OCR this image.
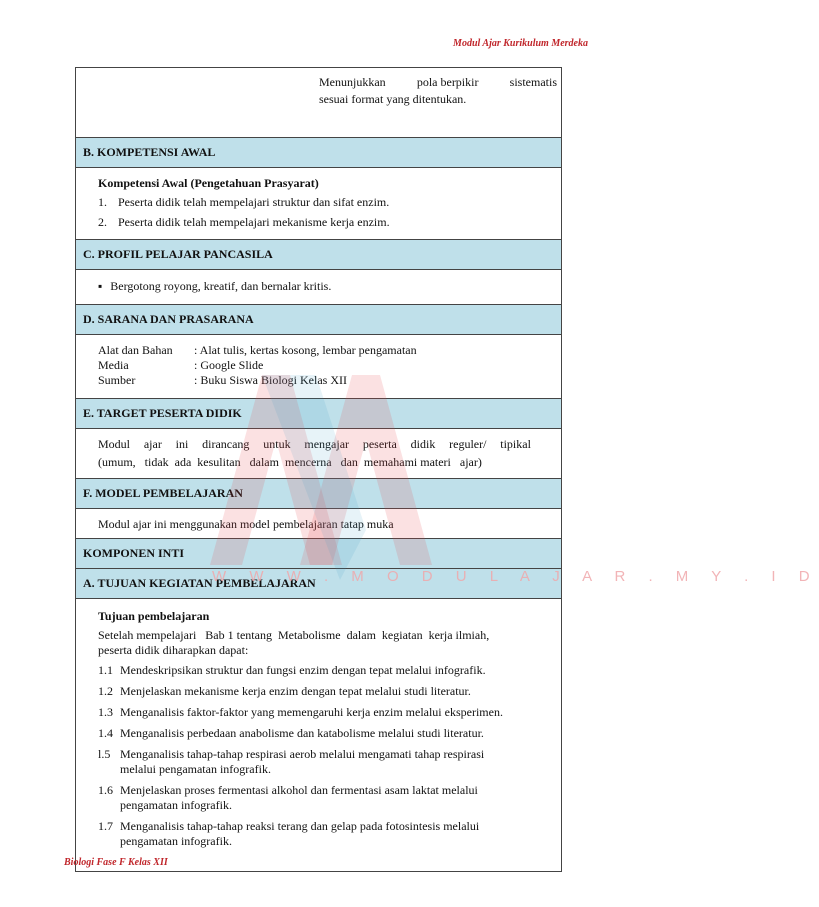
Modul Ajar Kurikulum Merdeka
Menunjukkan	pola berpikir	sistematis
sesuai format yang ditentukan.
B. KOMPETENSI AWAL
Kompetensi Awal (Pengetahuan Prasyarat)
1. Peserta didik telah mempelajari struktur dan sifat enzim.
2. Peserta didik telah mempelajari mekanisme kerja enzim.
C. PROFIL PELAJAR PANCASILA
▪ Bergotong royong, kreatif, dan bernalar kritis.
D. SARANA DAN PRASARANA
Alat dan Bahan	: Alat tulis, kertas kosong, lembar pengamatan
Media	: Google Slide
Sumber	: Buku Siswa Biologi Kelas XII
E. TARGET PESERTA DIDIK
Modul ajar ini dirancang untuk mengajar peserta didik reguler/ tipikal
(umum,   tidak  ada  kesulitan   dalam  mencerna   dan  memahami materi   ajar)
F. MODEL PEMBELAJARAN
Modul ajar ini menggunakan model pembelajaran tatap muka
KOMPONEN INTI
A. TUJUAN KEGIATAN PEMBELAJARAN
Tujuan pembelajaran
Setelah mempelajari   Bab 1 tentang  Metabolisme  dalam  kegiatan  kerja ilmiah,
peserta didik diharapkan dapat:
1.1 Mendeskripsikan struktur dan fungsi enzim dengan tepat melalui infografik.
1.2 Menjelaskan mekanisme kerja enzim dengan tepat melalui studi literatur.
1.3 Menganalisis faktor-faktor yang memengaruhi kerja enzim melalui eksperimen.
1.4 Menganalisis perbedaan anabolisme dan katabolisme melalui studi literatur.
l.5 Menganalisis tahap-tahap respirasi aerob melalui mengamati tahap respirasi
melalui pengamatan infografik.
1.6 Menjelaskan proses fermentasi alkohol dan fermentasi asam laktat melalui
pengamatan infografik.
1.7 Menganalisis tahap-tahap reaksi terang dan gelap pada fotosintesis melalui
pengamatan infografik.
W W W . M O D U L A J A R . M Y . I D
Biologi Fase F Kelas XII
